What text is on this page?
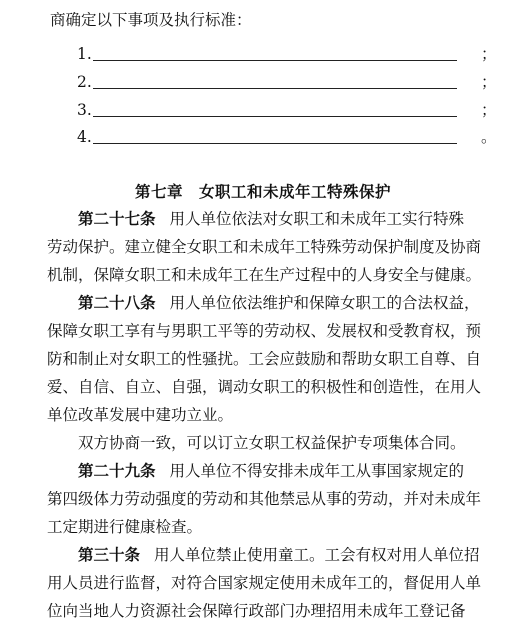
商确定以下事项及执行标准：
1.	；
2.	；
3.	；
4.	。
第七章 女职工和未成年工特殊保护
第二十七条 用人单位依法对女职工和未成年工实行特殊
劳动保护。建立健全女职工和未成年工特殊劳动保护制度及协商
机制，保障女职工和未成年工在生产过程中的人身安全与健康。
第二十八条 用人单位依法维护和保障女职工的合法权益，
保障女职工享有与男职工平等的劳动权、发展权和受教育权，预
防和制止对女职工的性骚扰。工会应鼓励和帮助女职工自尊、自
爱、自信、自立、自强，调动女职工的积极性和创造性，在用人
单位改革发展中建功立业。
双方协商一致，可以订立女职工权益保护专项集体合同。
第二十九条 用人单位不得安排未成年工从事国家规定的
第四级体力劳动强度的劳动和其他禁忌从事的劳动，并对未成年
工定期进行健康检查。
第三十条 用人单位禁止使用童工。工会有权对用人单位招
用人员进行监督，对符合国家规定使用未成年工的，督促用人单
位向当地人力资源社会保障行政部门办理招用未成年工登记备
